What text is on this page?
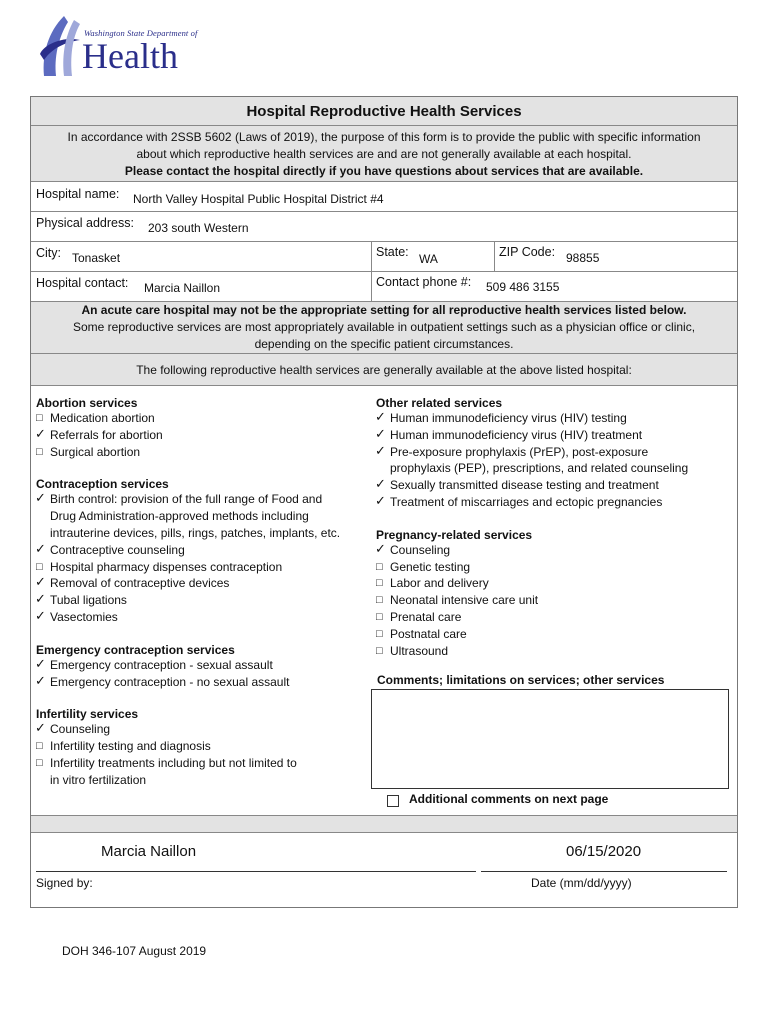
Washington State Department of
Health
Hospital Reproductive Health Services
In accordance with 2SSB 5602 (Laws of 2019), the purpose of this form is to provide the public with specific information
about which reproductive health services are and are not generally available at each hospital.
Please contact the hospital directly if you have questions about services that are available.
Hospital name: North Valley Hospital Public Hospital District #4
Physical address: 203 south Western
City: Tonasket	State: WA	ZIP Code: 98855
Hospital contact: Marcia Naillon	Contact phone #: 509 486 3155
An acute care hospital may not be the appropriate setting for all reproductive health services listed below.
Some reproductive services are most appropriately available in outpatient settings such as a physician office or clinic,
depending on the specific patient circumstances.
The following reproductive health services are generally available at the above listed hospital:
Abortion services
□ Medication abortion
✓ Referrals for abortion
□ Surgical abortion
Contraception services
✓ Birth control: provision of the full range of Food and
Drug Administration-approved methods including
intrauterine devices, pills, rings, patches, implants, etc.
✓ Contraceptive counseling
□ Hospital pharmacy dispenses contraception
✓ Removal of contraceptive devices
✓ Tubal ligations
✓ Vasectomies
Emergency contraception services
✓ Emergency contraception - sexual assault
✓ Emergency contraception - no sexual assault
Infertility services
✓ Counseling
□ Infertility testing and diagnosis
□ Infertility treatments including but not limited to
in vitro fertilization
Other related services
✓ Human immunodeficiency virus (HIV) testing
✓ Human immunodeficiency virus (HIV) treatment
✓ Pre-exposure prophylaxis (PrEP), post-exposure
prophylaxis (PEP), prescriptions, and related counseling
✓ Sexually transmitted disease testing and treatment
✓ Treatment of miscarriages and ectopic pregnancies
Pregnancy-related services
✓ Counseling
□ Genetic testing
□ Labor and delivery
□ Neonatal intensive care unit
□ Prenatal care
□ Postnatal care
□ Ultrasound
Comments; limitations on services; other services
Additional comments on next page
Marcia Naillon	06/15/2020
Signed by:	Date (mm/dd/yyyy)
DOH 346-107 August 2019
